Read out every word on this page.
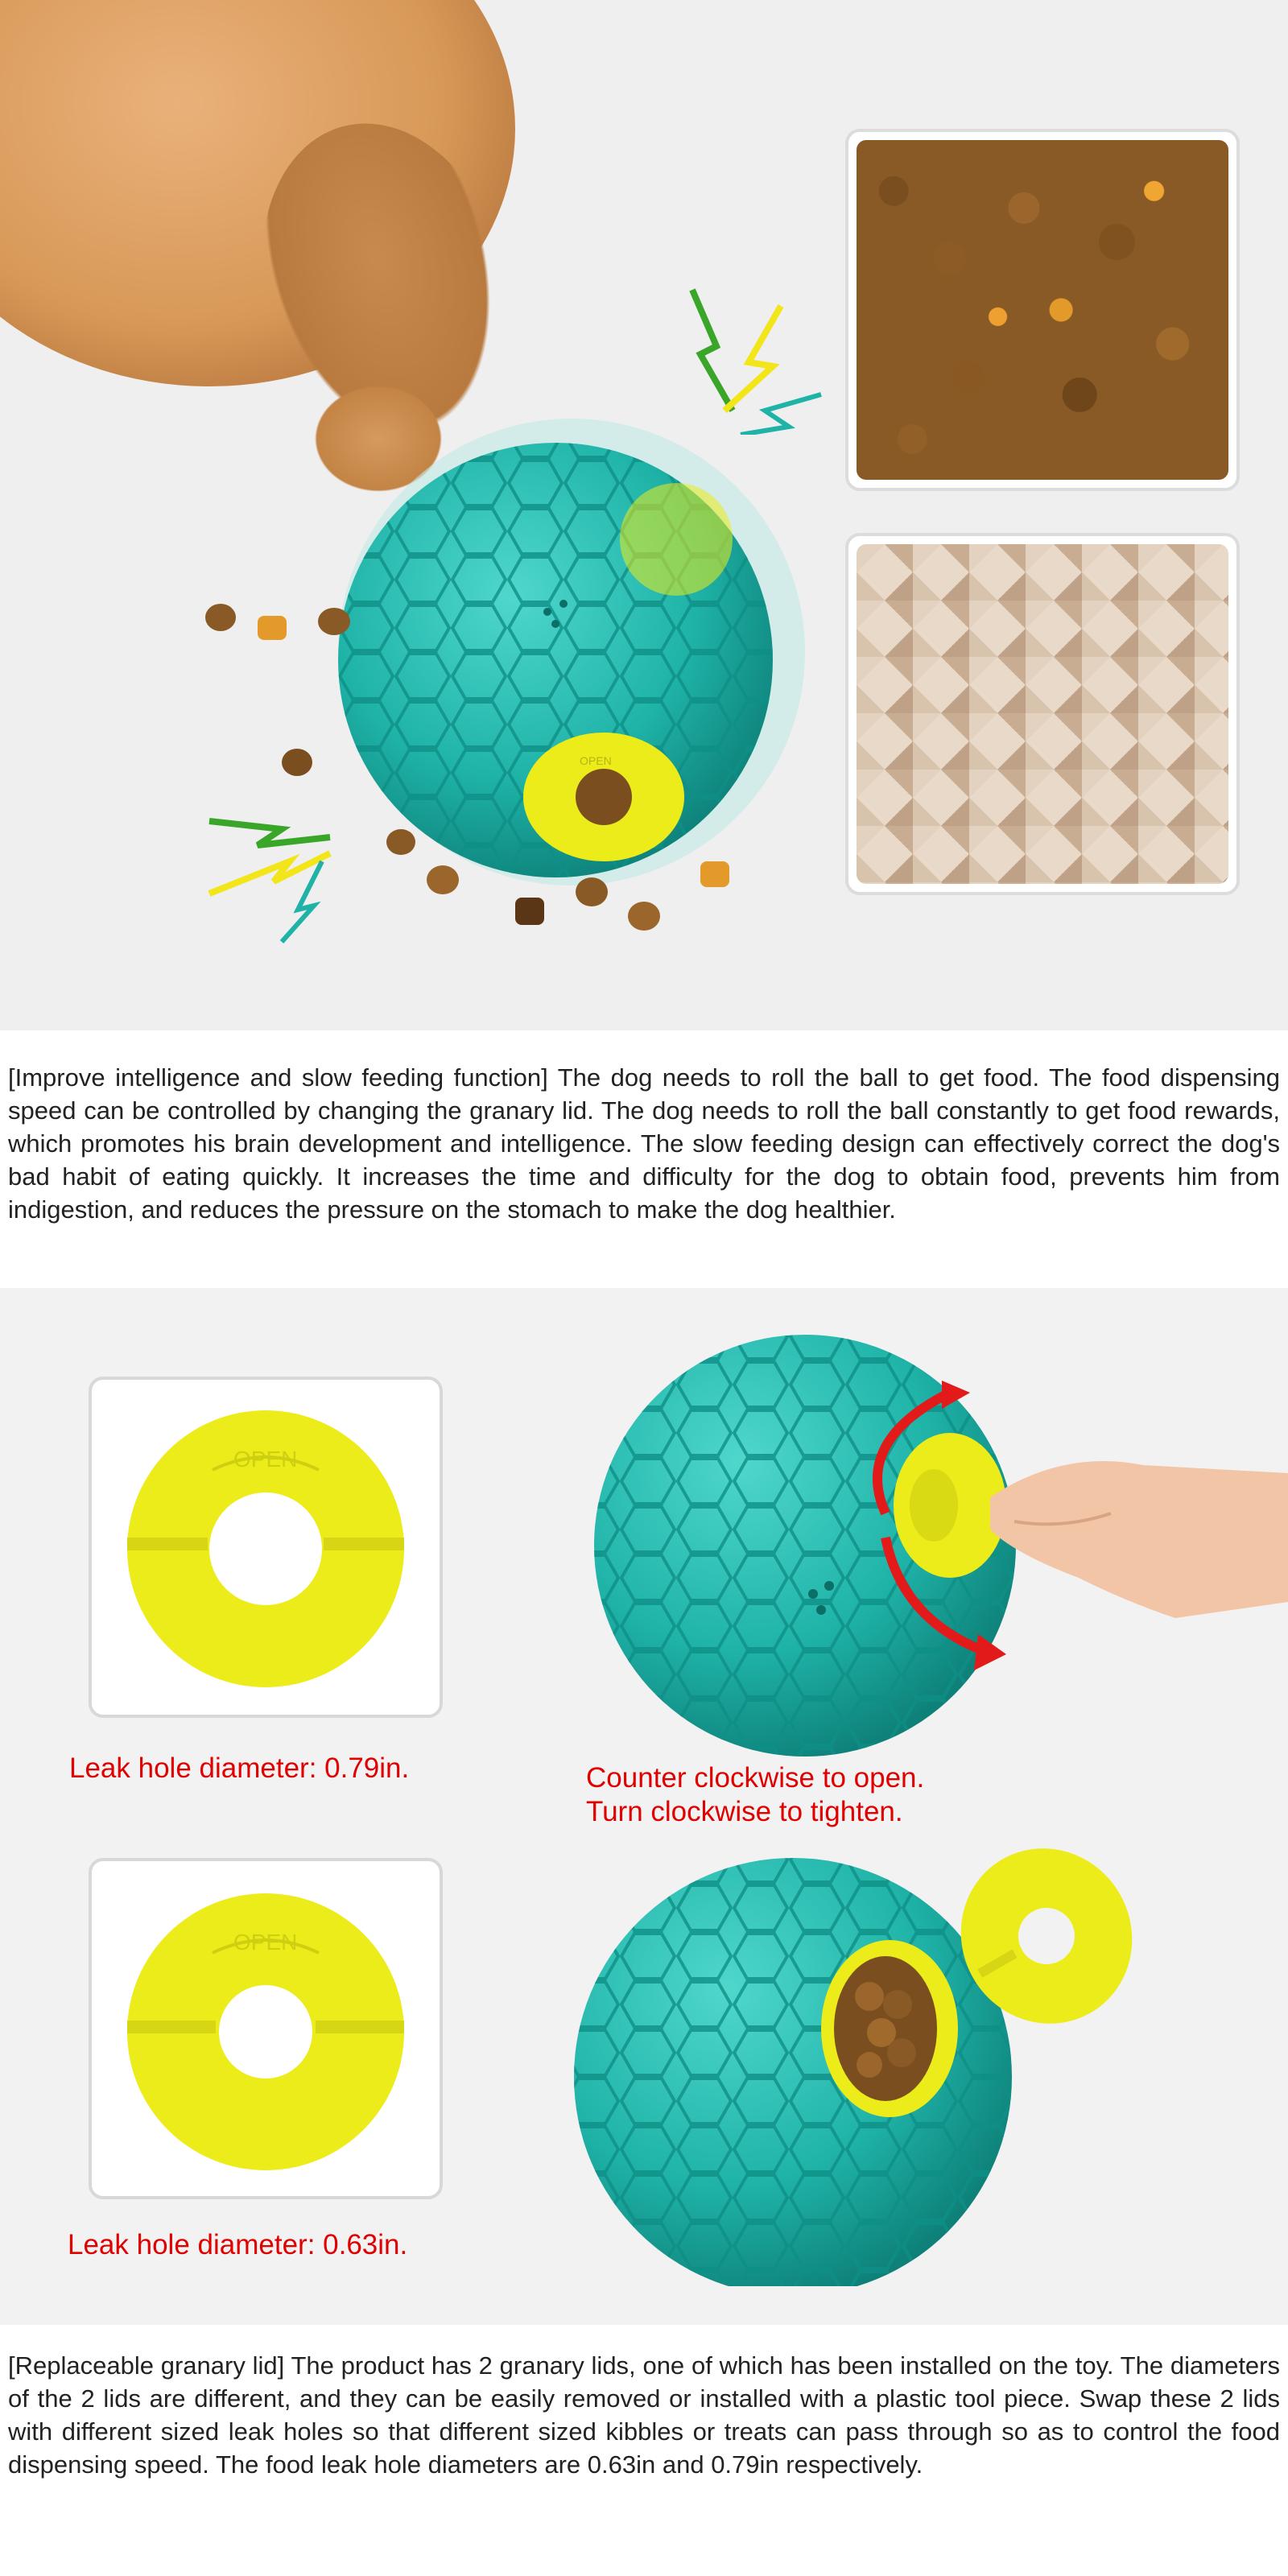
OPEN
[Improve intelligence and slow feeding function] The dog needs to roll the ball to get food. The food dispensing speed can be controlled by changing the granary lid. The dog needs to roll the ball constantly to get food rewards, which promotes his brain development and intelligence. The slow feeding design can effectively correct the dog's bad habit of eating quickly. It increases the time and difficulty for the dog to obtain food, prevents him from indigestion, and reduces the pressure on the stomach to make the dog healthier.
OPEN
Leak hole diameter: 0.79in.
OPEN
Leak hole diameter: 0.63in.
Counter clockwise to open.
Turn clockwise to tighten.
[Replaceable granary lid] The product has 2 granary lids, one of which has been installed on the toy. The diameters of the 2 lids are different, and they can be easily removed or installed with a plastic tool piece. Swap these 2 lids with different sized leak holes so that different sized kibbles or treats can pass through so as to control the food dispensing speed. The food leak hole diameters are 0.63in and 0.79in respectively.
